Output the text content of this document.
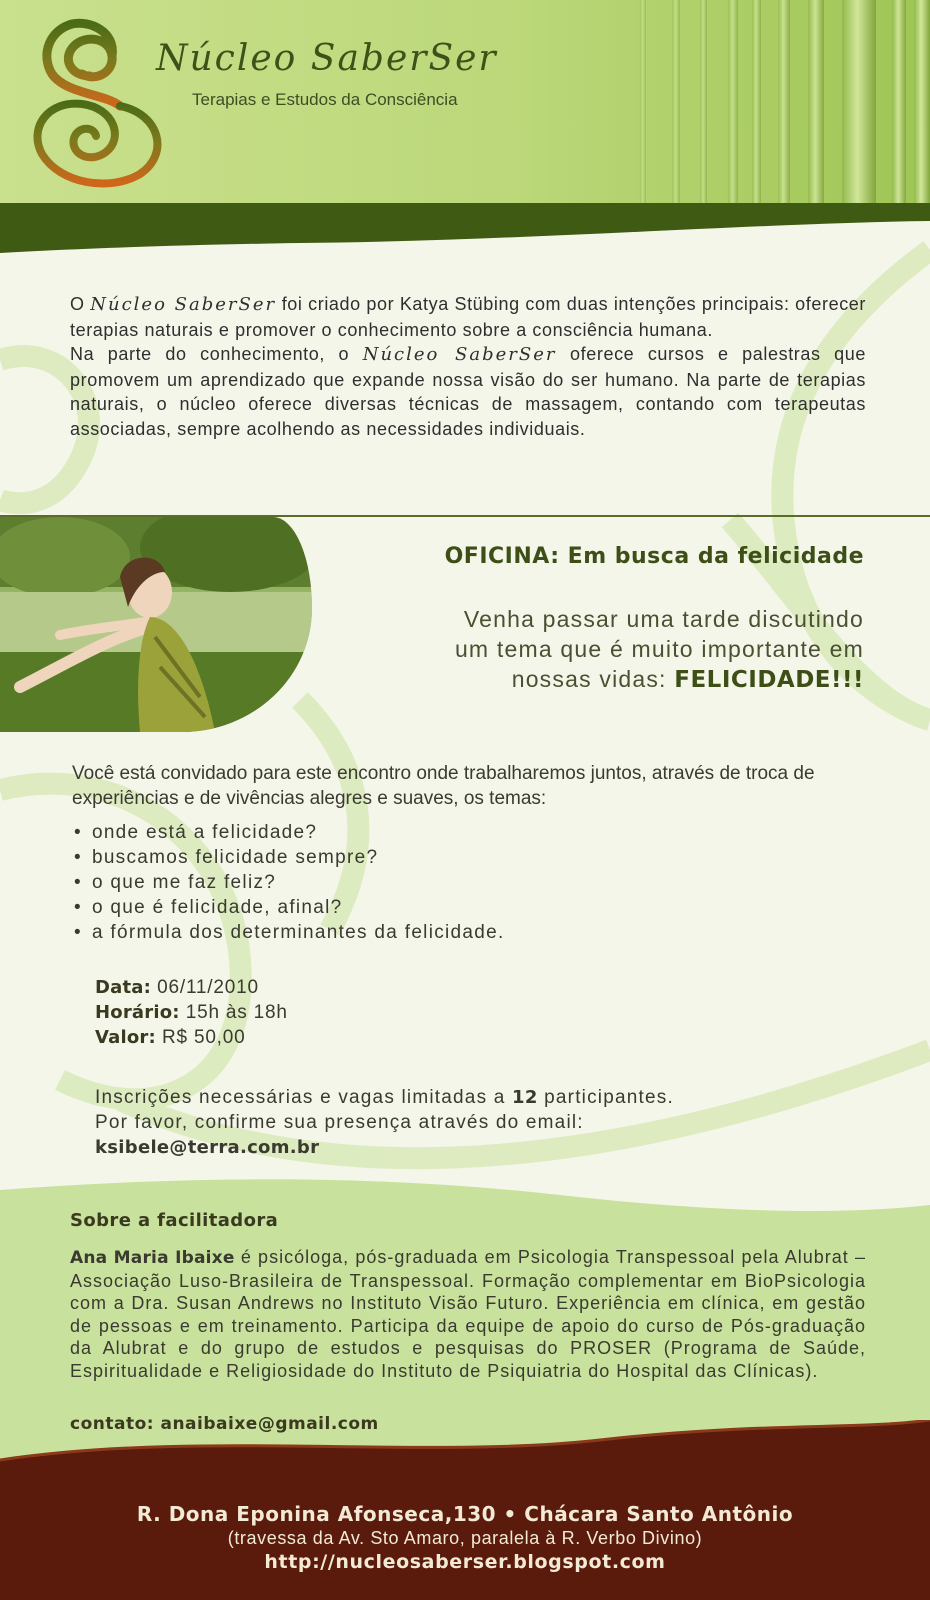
Núcleo SaberSer
Terapias e Estudos da Consciência

O Núcleo SaberSer foi criado por Katya Stübing com duas intenções principais: oferecer terapias naturais e promover o conhecimento sobre a consciência humana.

Na parte do conhecimento, o Núcleo SaberSer oferece cursos e palestras que promovem um aprendizado que expande nossa visão do ser humano. Na parte de terapias naturais, o núcleo oferece diversas técnicas de massagem, contando com terapeutas associadas, sempre acolhendo as necessidades individuais.

OFICINA: Em busca da felicidade
Venha passar uma tarde discutindo
um tema que é muito importante em
nossas vidas: FELICIDADE!!!
Você está convidado para este encontro onde trabalharemos juntos, através de troca de experiências e de vivências alegres e suaves, os temas:
• onde está a felicidade?
• buscamos felicidade sempre?
• o que me faz feliz?
• o que é felicidade, afinal?
• a fórmula dos determinantes da felicidade.
Data: 06/11/2010
Horário: 15h às 18h
Valor: R$ 50,00
Inscrições necessárias e vagas limitadas a 12 participantes.
Por favor, confirme sua presença através do email:
ksibele@terra.com.br
Sobre a facilitadora
Ana Maria Ibaixe é psicóloga, pós-graduada em Psicologia Transpessoal pela Alubrat – Associação Luso-Brasileira de Transpessoal. Formação complementar em BioPsicologia com a Dra. Susan Andrews no Instituto Visão Futuro. Experiência em clínica, em gestão de pessoas e em treinamento. Participa da equipe de apoio do curso de Pós-graduação da Alubrat e do grupo de estudos e pesquisas do PROSER (Programa de Saúde, Espiritualidade e Religiosidade do Instituto de Psiquiatria do Hospital das Clínicas).
contato: anaibaixe@gmail.com
R. Dona Eponina Afonseca,130 • Chácara Santo Antônio
(travessa da Av. Sto Amaro, paralela à R. Verbo Divino)
http://nucleosaberser.blogspot.com
